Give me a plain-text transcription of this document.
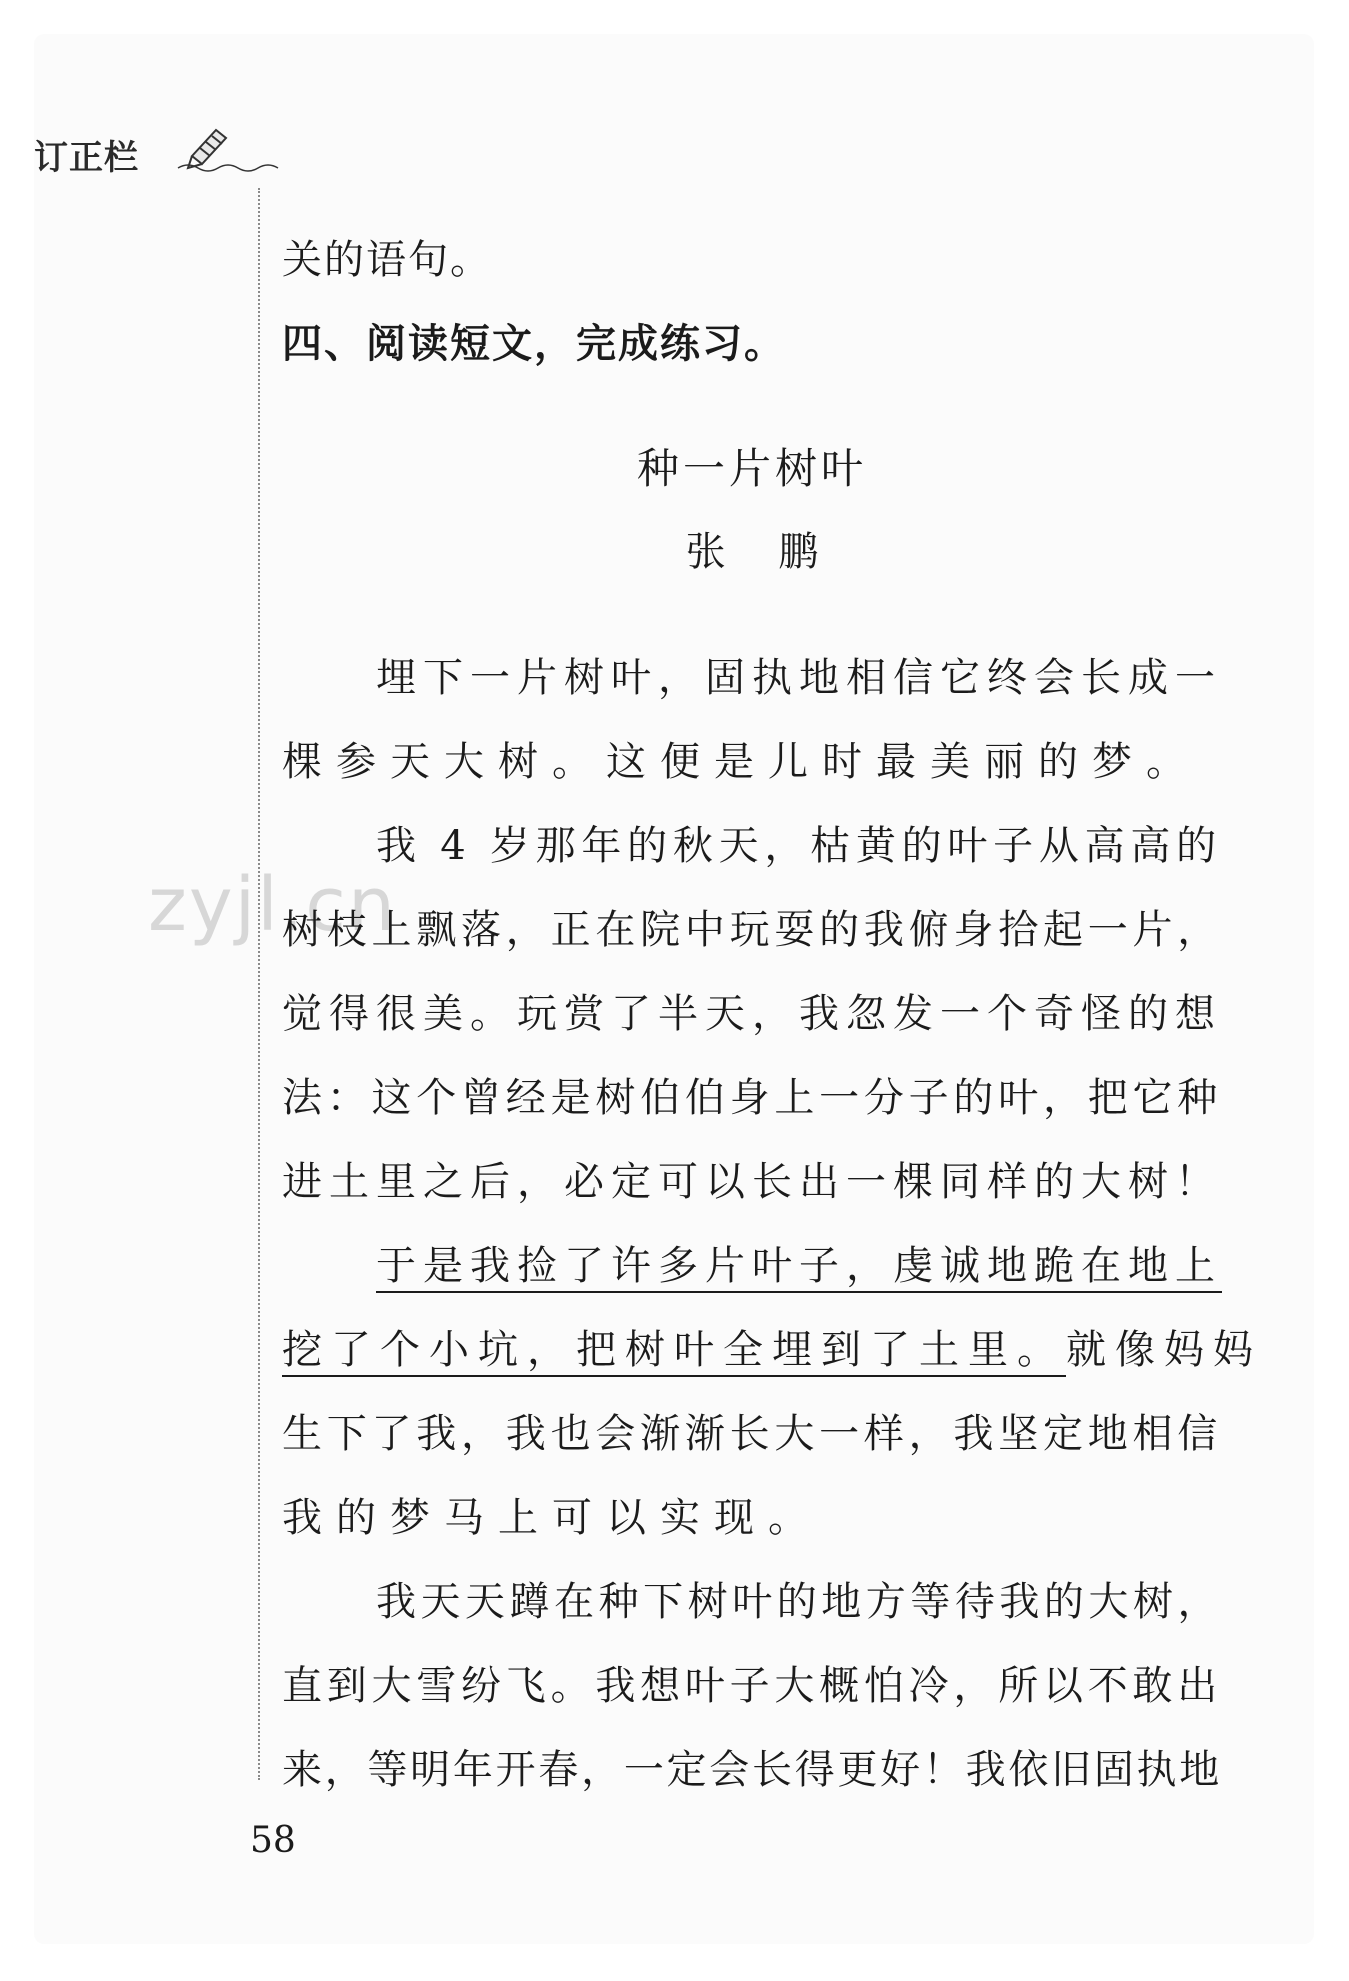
订正栏
zyjl.cn
关的语句。
四、阅读短文，完成练习。
种一片树叶
张 鹏
埋下一片树叶，固执地相信它终会长成一
棵参天大树。这便是儿时最美丽的梦。
我 4 岁那年的秋天，枯黄的叶子从高高的
树枝上飘落，正在院中玩耍的我俯身拾起一片，
觉得很美。玩赏了半天，我忽发一个奇怪的想
法：这个曾经是树伯伯身上一分子的叶，把它种
进土里之后，必定可以长出一棵同样的大树！
于是我捡了许多片叶子，虔诚地跪在地上
挖了个小坑，把树叶全埋到了土里。就像妈妈
生下了我，我也会渐渐长大一样，我坚定地相信
我的梦马上可以实现。
我天天蹲在种下树叶的地方等待我的大树，
直到大雪纷飞。我想叶子大概怕冷，所以不敢出
来，等明年开春，一定会长得更好！我依旧固执地
58
